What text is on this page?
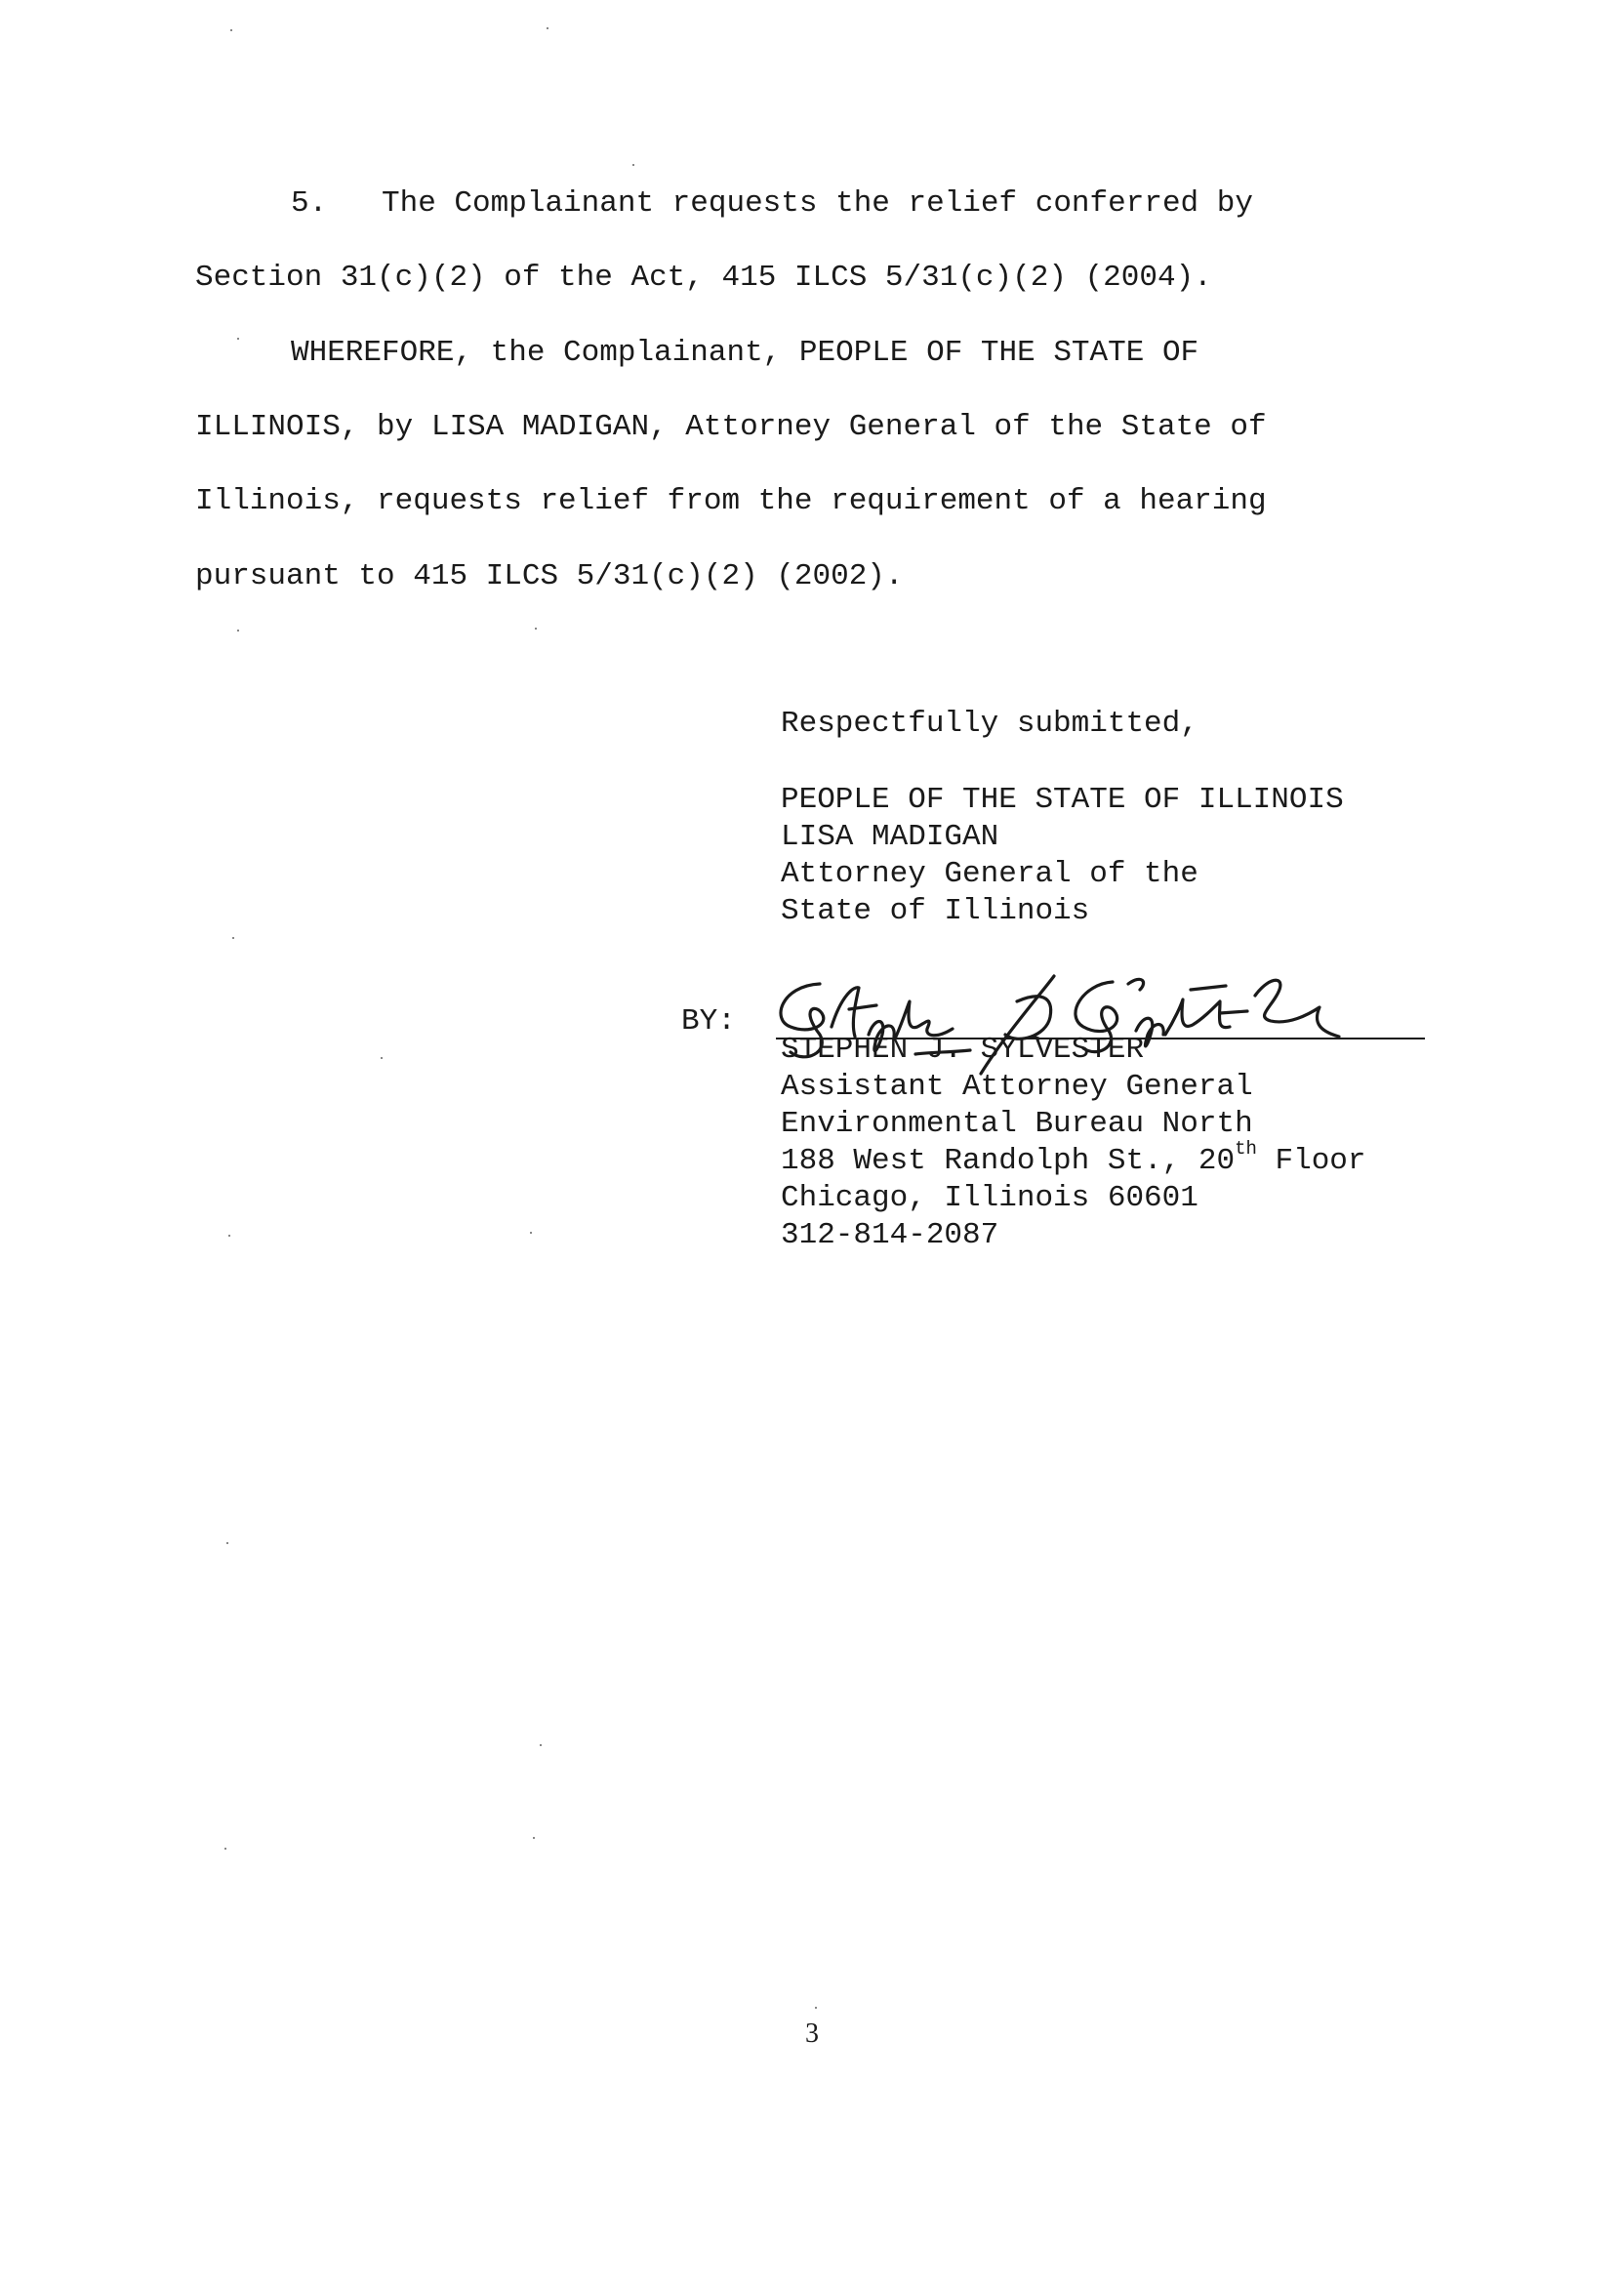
5.   The Complainant requests the relief conferred by
Section 31(c)(2) of the Act, 415 ILCS 5/31(c)(2) (2004).
WHEREFORE, the Complainant, PEOPLE OF THE STATE OF
ILLINOIS, by LISA MADIGAN, Attorney General of the State of
Illinois, requests relief from the requirement of a hearing
pursuant to 415 ILCS 5/31(c)(2) (2002).
Respectfully submitted,
PEOPLE OF THE STATE OF ILLINOIS
LISA MADIGAN
Attorney General of the
State of Illinois
BY:
STEPHEN J. SYLVESTER
Assistant Attorney General
Environmental Bureau North
188 West Randolph St., 20th Floor
Chicago, Illinois 60601
312-814-2087
3
